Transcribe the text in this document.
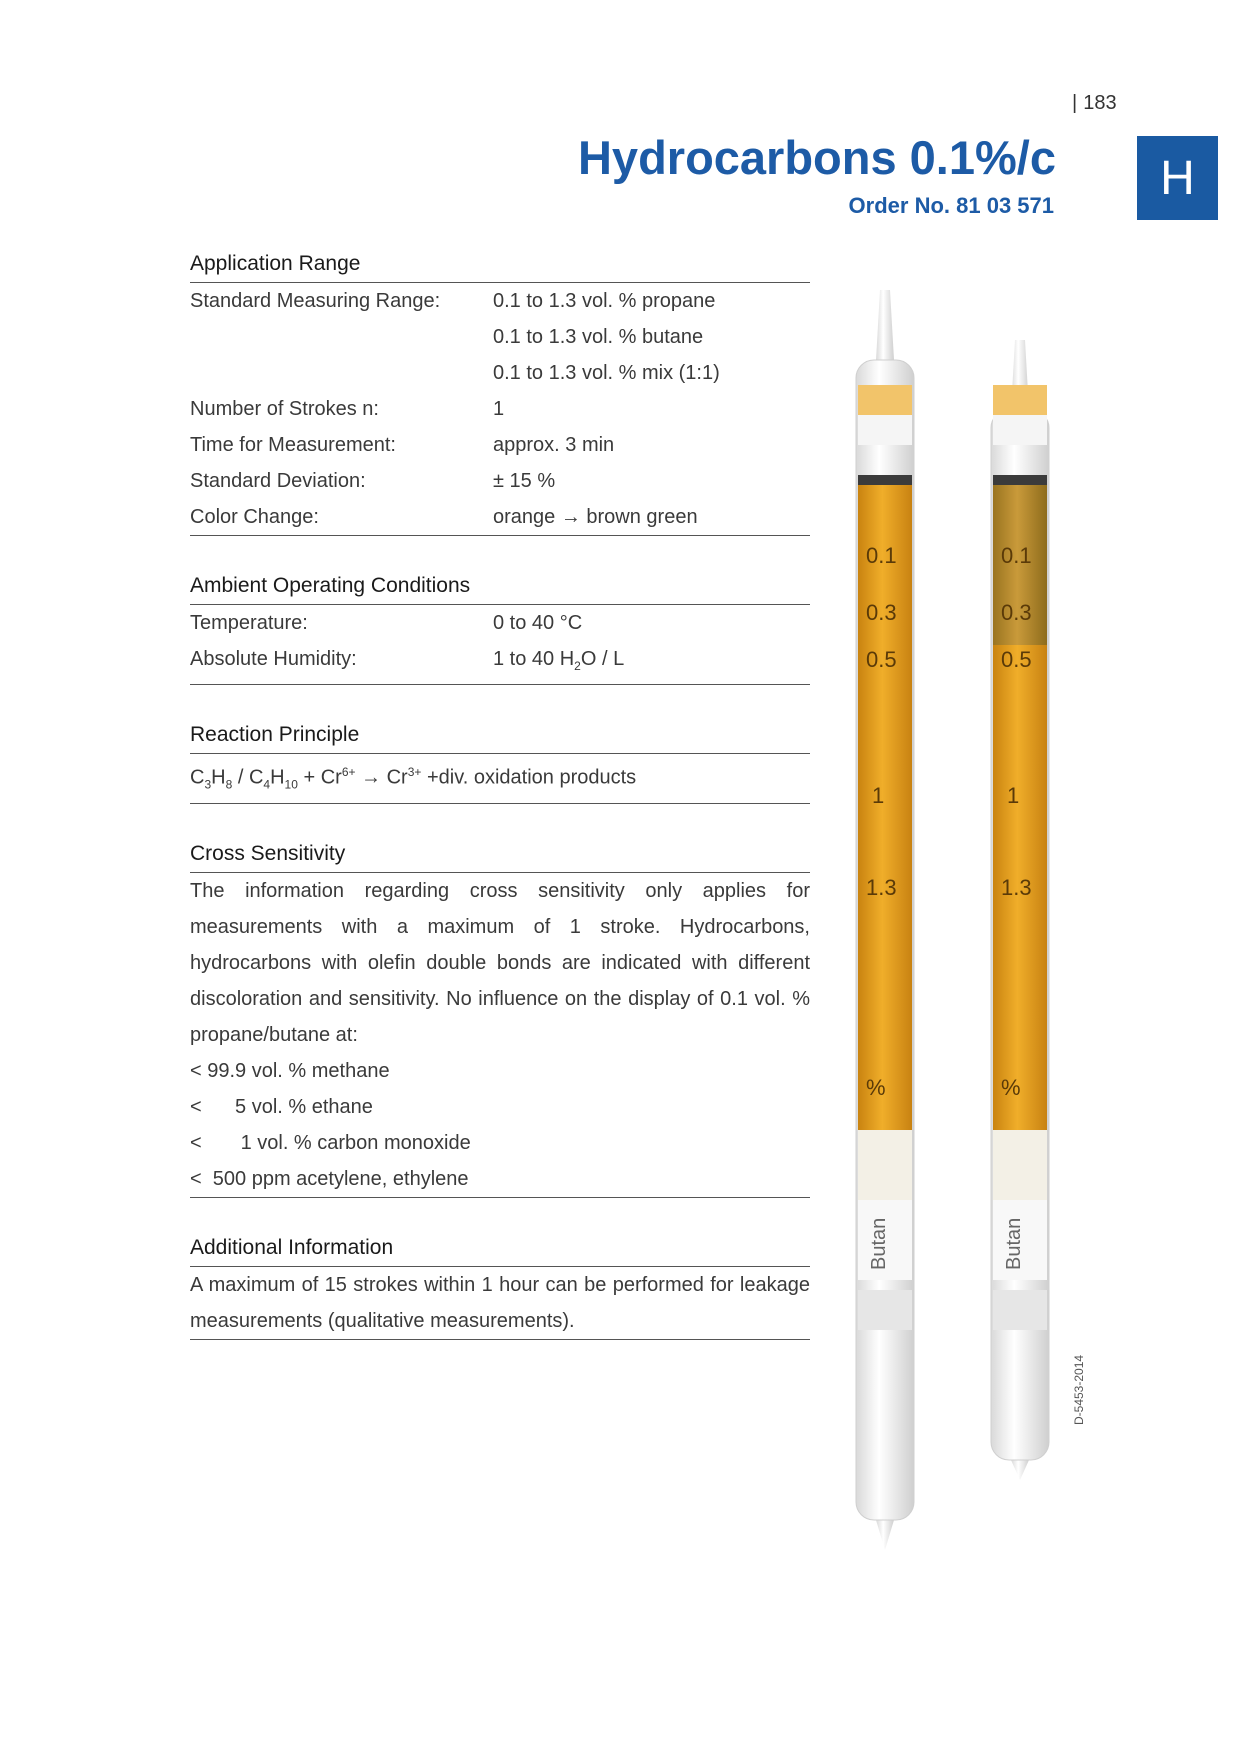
| 183
Hydrocarbons 0.1%/c
Order No. 81 03 571
H
Application Range
Standard Measuring Range:	0.1 to 1.3 vol. % propane
0.1 to 1.3 vol. % butane
0.1 to 1.3 vol. % mix (1:1)
Number of Strokes n:	1
Time for Measurement:	approx. 3 min
Standard Deviation:	± 15 %
Color Change:	orange → brown green
Ambient Operating Conditions
Temperature:	0 to 40 °C
Absolute Humidity:	1 to 40 $H_2O$ / L
Reaction Principle
$C_3H_8 / C_4H_{10} + Cr^{6+} \to Cr^{3+} +div$. oxidation products
Cross Sensitivity
The information regarding cross sensitivity only applies for measurements with a maximum of 1 stroke. Hydrocarbons, hydrocarbons with olefin double bonds are indicated with different discoloration and sensitivity. No influence on the display of 0.1 vol. % propane/butane at:
< 99.9 vol. % methane
<      5 vol. % ethane
<       1 vol. % carbon monoxide
<  500 ppm acetylene, ethylene
Additional Information
A maximum of 15 strokes within 1 hour can be performed for leakage measurements (qualitative measurements).
0.1
0.3
0.5
1
1.3
%
Butan
0.1
0.3
0.5
1
1.3
%
Butan
D-5453-2014
